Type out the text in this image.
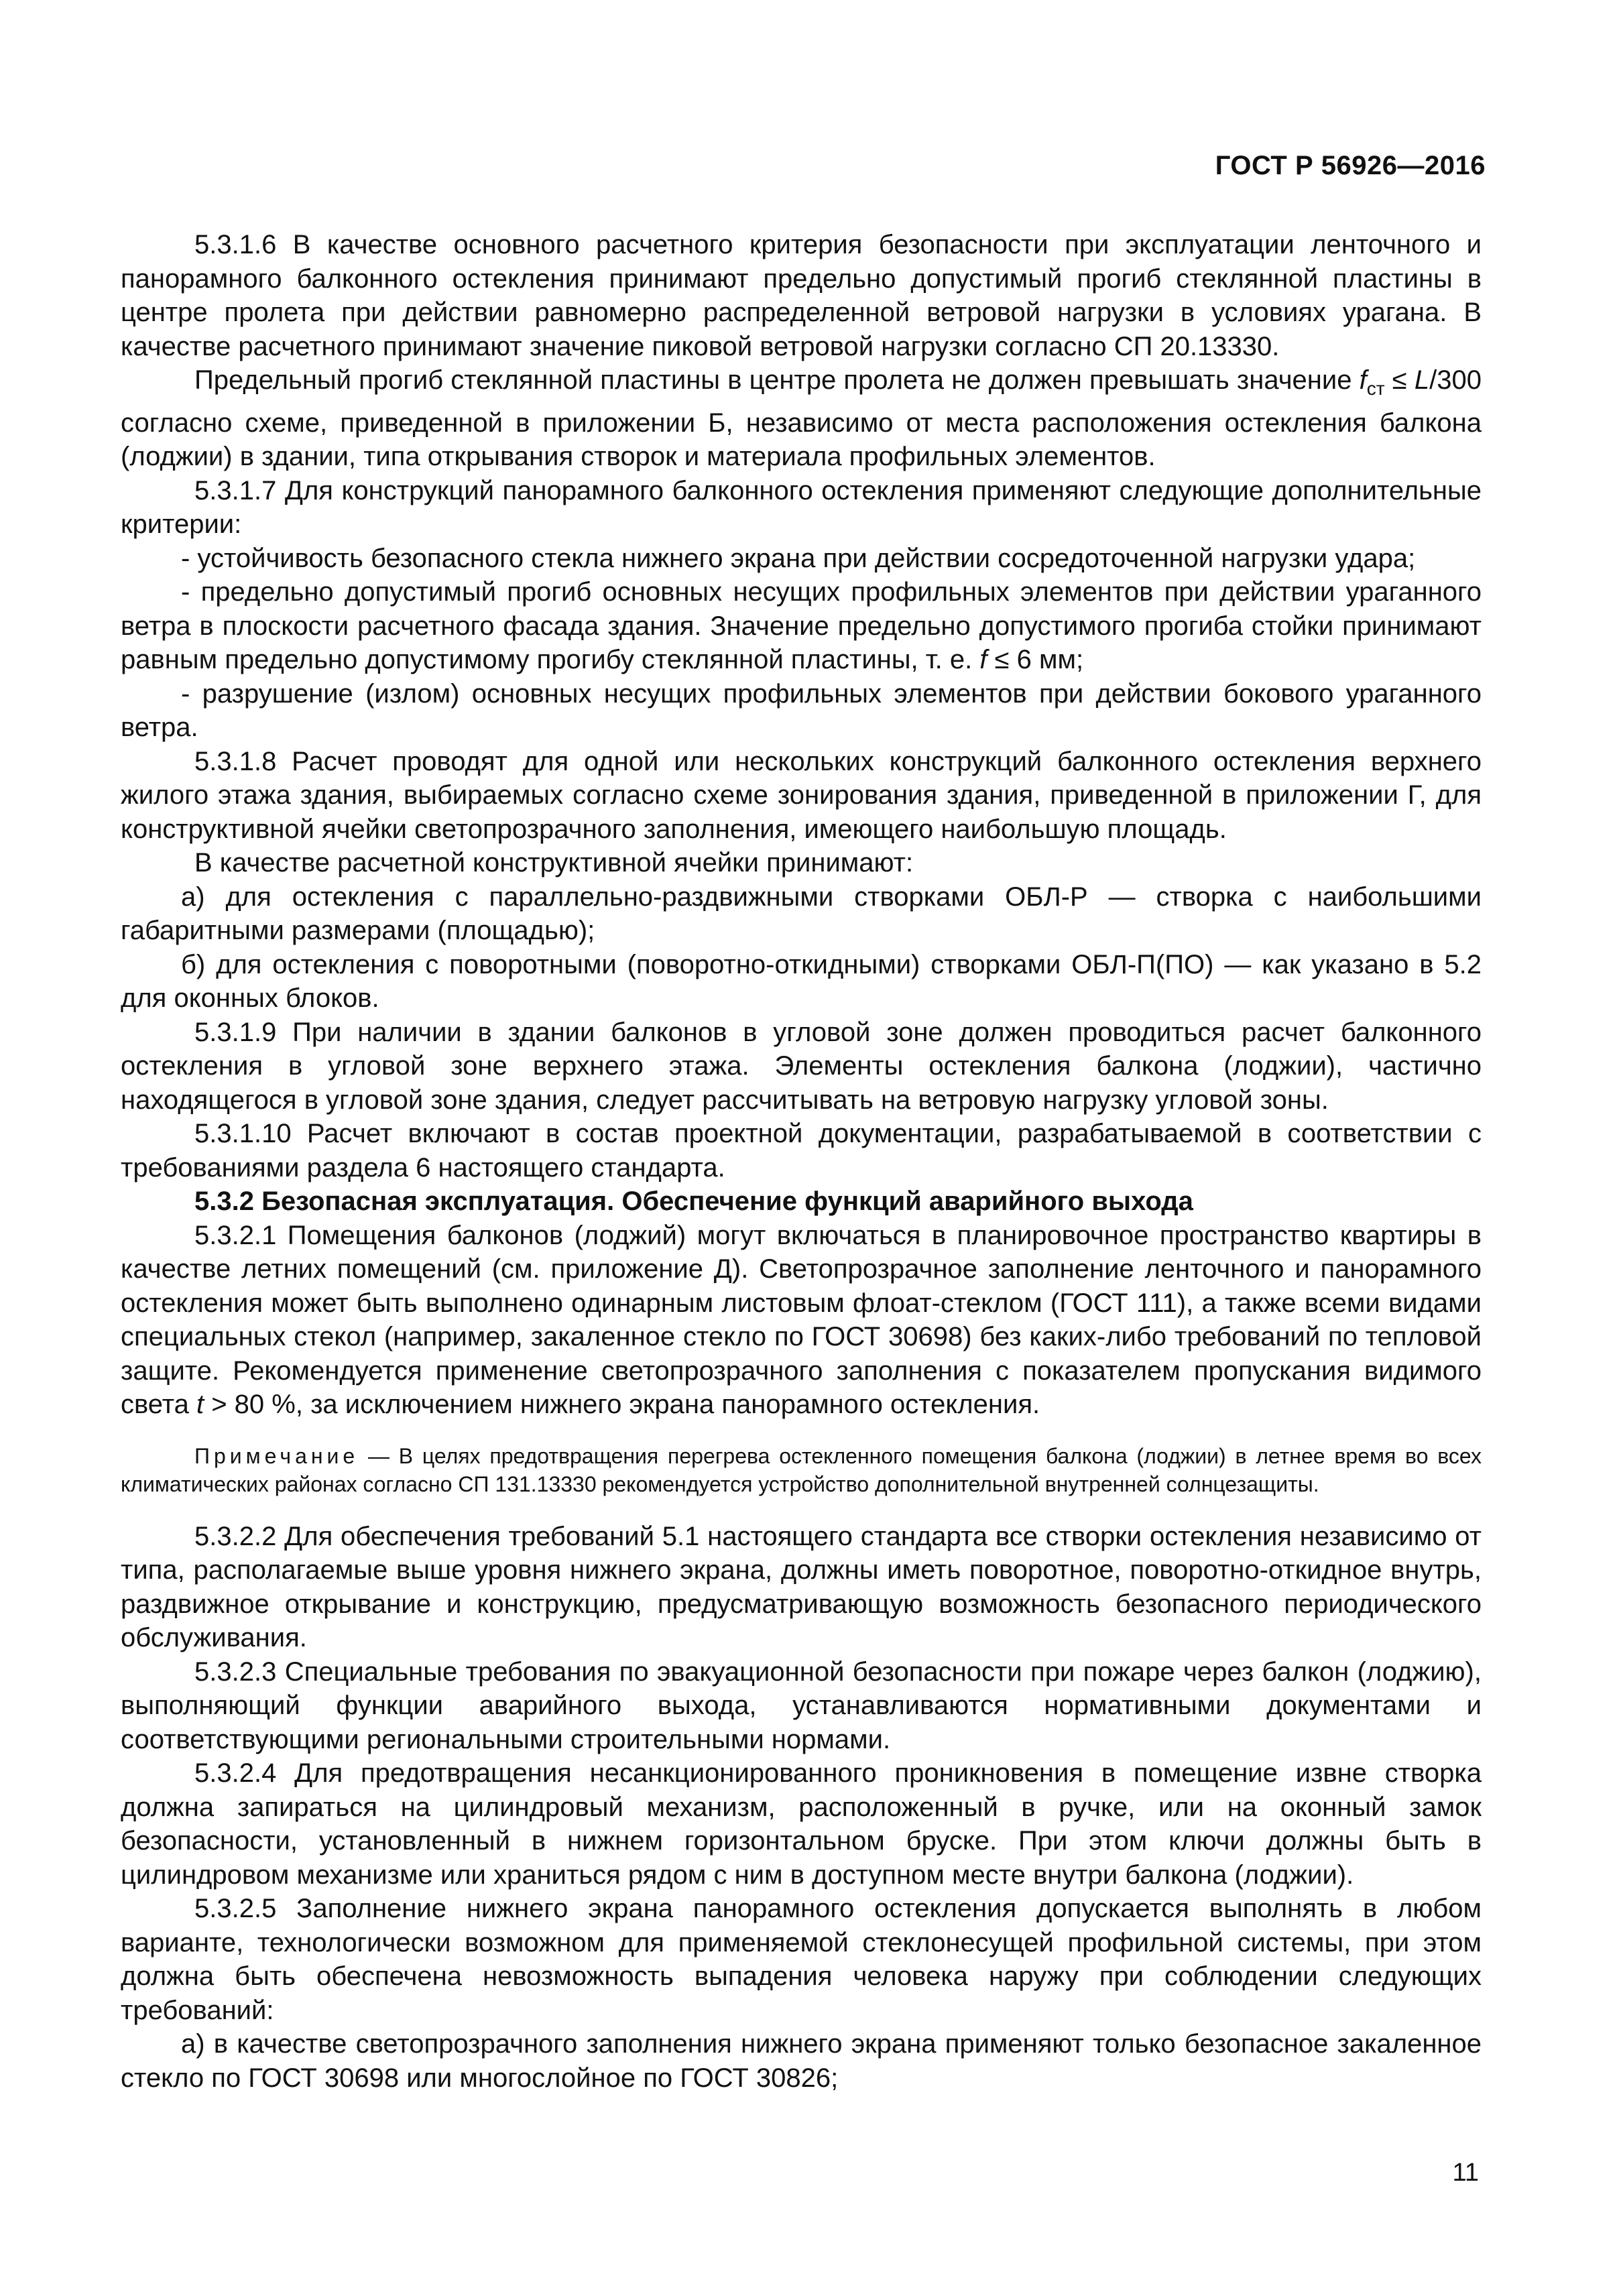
ГОСТ Р 56926—2016

5.3.1.6 В качестве основного расчетного критерия безопасности при эксплуатации ленточного и панорамного балконного остекления принимают предельно допустимый прогиб стеклянной пластины в центре пролета при действии равномерно распределенной ветровой нагрузки в условиях урагана. В качестве расчетного принимают значение пиковой ветровой нагрузки согласно СП 20.13330.

Предельный прогиб стеклянной пластины в центре пролета не должен превышать значение $f_{ст} \le L/300$ согласно схеме, приведенной в приложении Б, независимо от места расположения остекления балкона (лоджии) в здании, типа открывания створок и материала профильных элементов.

5.3.1.7 Для конструкций панорамного балконного остекления применяют следующие дополнительные критерии:

- устойчивость безопасного стекла нижнего экрана при действии сосредоточенной нагрузки удара;

- предельно допустимый прогиб основных несущих профильных элементов при действии ураганного ветра в плоскости расчетного фасада здания. Значение предельно допустимого прогиба стойки принимают равным предельно допустимому прогибу стеклянной пластины, т. е. f ≤ 6 мм;

- разрушение (излом) основных несущих профильных элементов при действии бокового ураганного ветра.

5.3.1.8 Расчет проводят для одной или нескольких конструкций балконного остекления верхнего жилого этажа здания, выбираемых согласно схеме зонирования здания, приведенной в приложении Г, для конструктивной ячейки светопрозрачного заполнения, имеющего наибольшую площадь.

В качестве расчетной конструктивной ячейки принимают:

а) для остекления с параллельно-раздвижными створками ОБЛ-Р — створка с наибольшими габаритными размерами (площадью);

б) для остекления с поворотными (поворотно-откидными) створками ОБЛ-П(ПО) — как указано в 5.2 для оконных блоков.

5.3.1.9 При наличии в здании балконов в угловой зоне должен проводиться расчет балконного остекления в угловой зоне верхнего этажа. Элементы остекления балкона (лоджии), частично находящегося в угловой зоне здания, следует рассчитывать на ветровую нагрузку угловой зоны.

5.3.1.10 Расчет включают в состав проектной документации, разрабатываемой в соответствии с требованиями раздела 6 настоящего стандарта.

5.3.2 Безопасная эксплуатация. Обеспечение функций аварийного выхода

5.3.2.1 Помещения балконов (лоджий) могут включаться в планировочное пространство квартиры в качестве летних помещений (см. приложение Д). Светопрозрачное заполнение ленточного и панорамного остекления может быть выполнено одинарным листовым флоат-стеклом (ГОСТ 111), а также всеми видами специальных стекол (например, закаленное стекло по ГОСТ 30698) без каких-либо требований по тепловой защите. Рекомендуется применение светопрозрачного заполнения с показателем пропускания видимого света t > 80 %, за исключением нижнего экрана панорамного остекления.

Примечание — В целях предотвращения перегрева остекленного помещения балкона (лоджии) в летнее время во всех климатических районах согласно СП 131.13330 рекомендуется устройство дополнительной внутренней солнцезащиты.

5.3.2.2 Для обеспечения требований 5.1 настоящего стандарта все створки остекления независимо от типа, располагаемые выше уровня нижнего экрана, должны иметь поворотное, поворотно-откидное внутрь, раздвижное открывание и конструкцию, предусматривающую возможность безопасного периодического обслуживания.

5.3.2.3 Специальные требования по эвакуационной безопасности при пожаре через балкон (лоджию), выполняющий функции аварийного выхода, устанавливаются нормативными документами и соответствующими региональными строительными нормами.

5.3.2.4 Для предотвращения несанкционированного проникновения в помещение извне створка должна запираться на цилиндровый механизм, расположенный в ручке, или на оконный замок безопасности, установленный в нижнем горизонтальном бруске. При этом ключи должны быть в цилиндровом механизме или храниться рядом с ним в доступном месте внутри балкона (лоджии).

5.3.2.5 Заполнение нижнего экрана панорамного остекления допускается выполнять в любом варианте, технологически возможном для применяемой стеклонесущей профильной системы, при этом должна быть обеспечена невозможность выпадения человека наружу при соблюдении следующих требований:

а) в качестве светопрозрачного заполнения нижнего экрана применяют только безопасное закаленное стекло по ГОСТ 30698 или многослойное по ГОСТ 30826;

11
